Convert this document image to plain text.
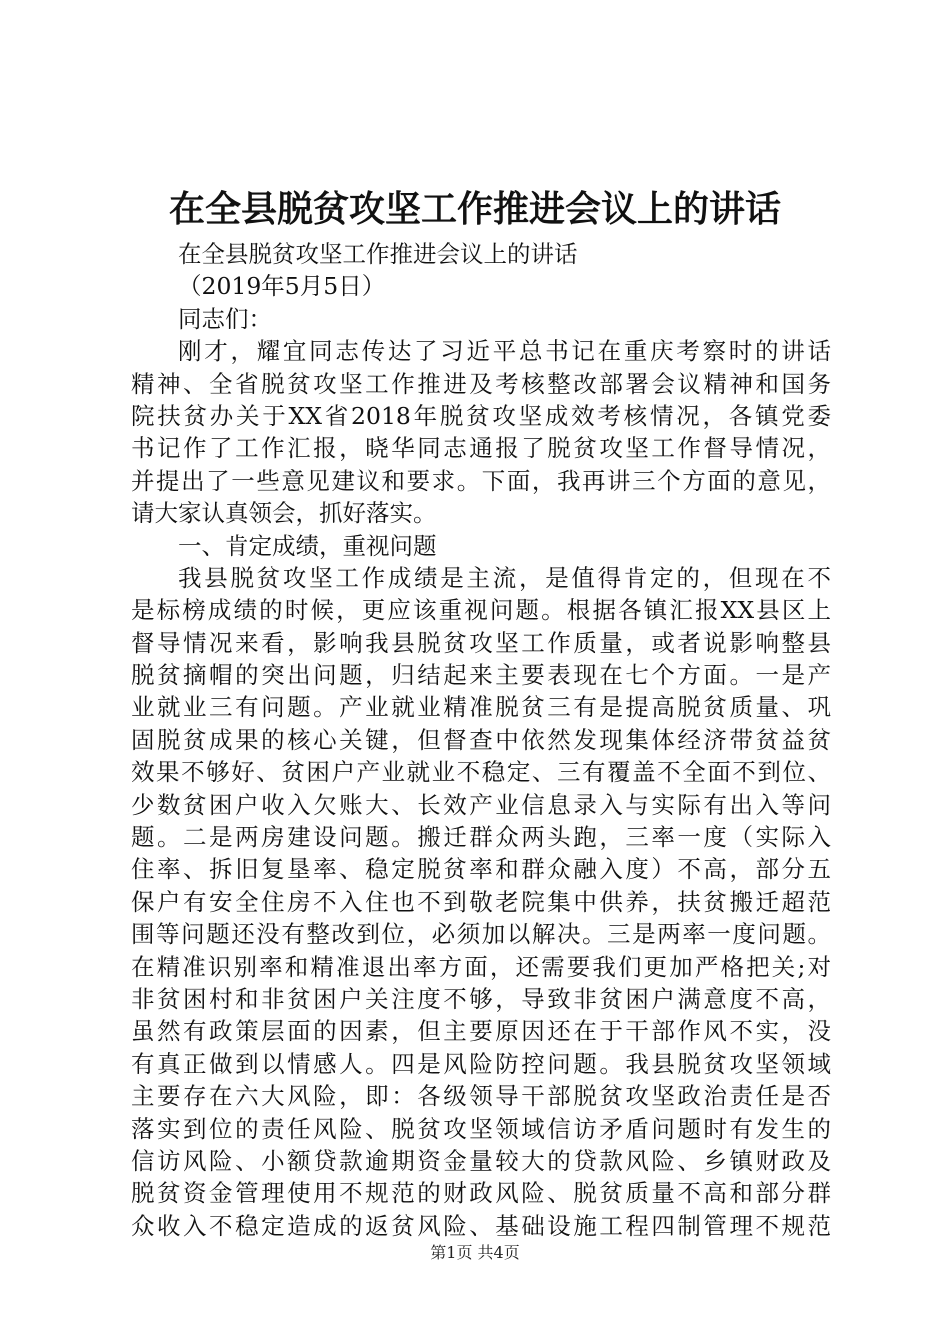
在全县脱贫攻坚工作推进会议上的讲话
在全县脱贫攻坚工作推进会议上的讲话
（2019年5月5日）
同志们：
刚才，耀宜同志传达了习近平总书记在重庆考察时的讲话
精神、全省脱贫攻坚工作推进及考核整改部署会议精神和国务
院扶贫办关于XX省2018年脱贫攻坚成效考核情况，各镇党委
书记作了工作汇报，晓华同志通报了脱贫攻坚工作督导情况，
并提出了一些意见建议和要求。下面，我再讲三个方面的意见，
请大家认真领会，抓好落实。
一、肯定成绩，重视问题
我县脱贫攻坚工作成绩是主流，是值得肯定的，但现在不
是标榜成绩的时候，更应该重视问题。根据各镇汇报XX县区上
督导情况来看，影响我县脱贫攻坚工作质量，或者说影响整县
脱贫摘帽的突出问题，归结起来主要表现在七个方面。一是产
业就业三有问题。产业就业精准脱贫三有是提高脱贫质量、巩
固脱贫成果的核心关键，但督查中依然发现集体经济带贫益贫
效果不够好、贫困户产业就业不稳定、三有覆盖不全面不到位、
少数贫困户收入欠账大、长效产业信息录入与实际有出入等问
题。二是两房建设问题。搬迁群众两头跑，三率一度（实际入
住率、拆旧复垦率、稳定脱贫率和群众融入度）不高，部分五
保户有安全住房不入住也不到敬老院集中供养，扶贫搬迁超范
围等问题还没有整改到位，必须加以解决。三是两率一度问题。
在精准识别率和精准退出率方面，还需要我们更加严格把关;对
非贫困村和非贫困户关注度不够，导致非贫困户满意度不高，
虽然有政策层面的因素，但主要原因还在于干部作风不实，没
有真正做到以情感人。四是风险防控问题。我县脱贫攻坚领域
主要存在六大风险，即：各级领导干部脱贫攻坚政治责任是否
落实到位的责任风险、脱贫攻坚领域信访矛盾问题时有发生的
信访风险、小额贷款逾期资金量较大的贷款风险、乡镇财政及
脱贫资金管理使用不规范的财政风险、脱贫质量不高和部分群
众收入不稳定造成的返贫风险、基础设施工程四制管理不规范
第1页 共4页
